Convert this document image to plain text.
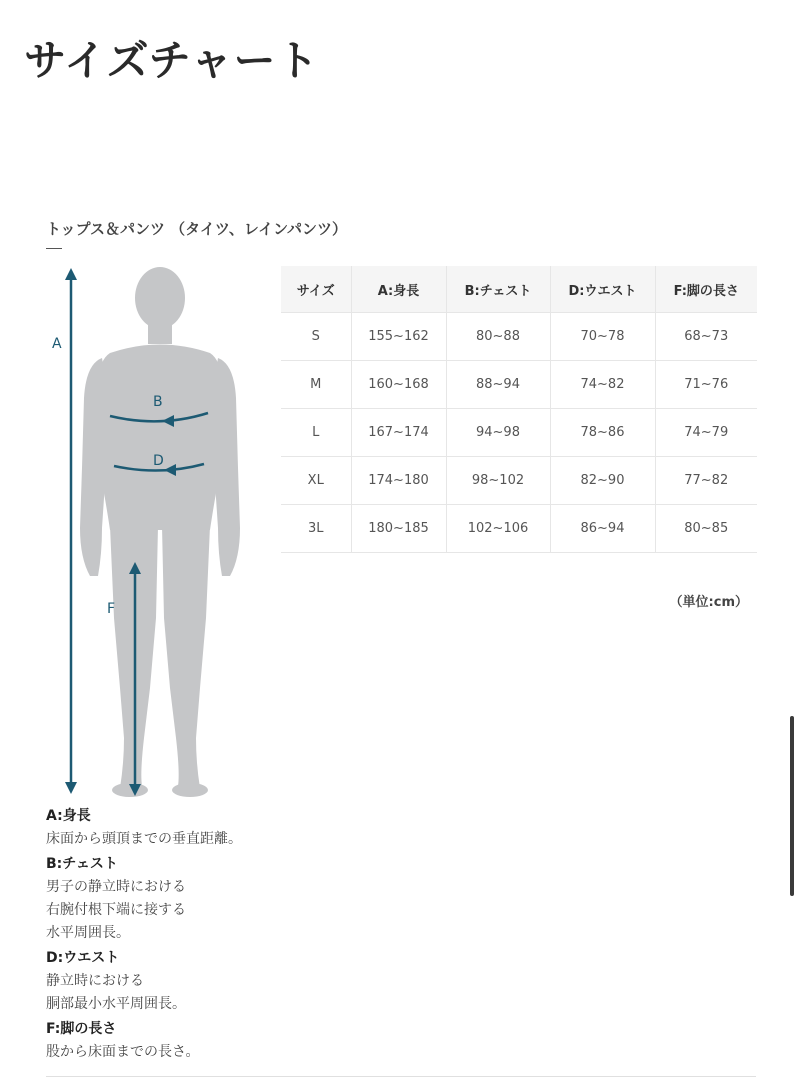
サイズチャート
トップス＆パンツ （タイツ、レインパンツ）
A
B
D
F
サイズ	A:身長	B:チェスト	D:ウエスト	F:脚の長さ
S	155~162	80~88	70~78	68~73
M	160~168	88~94	74~82	71~76
L	167~174	94~98	78~86	74~79
XL	174~180	98~102	82~90	77~82
3L	180~185	102~106	86~94	80~85
（単位:cm）
A:身長
床面から頭頂までの垂直距離。
B:チェスト
男子の静立時における
右腕付根下端に接する
水平周囲長。
D:ウエスト
静立時における
胴部最小水平周囲長。
F:脚の長さ
股から床面までの長さ。
